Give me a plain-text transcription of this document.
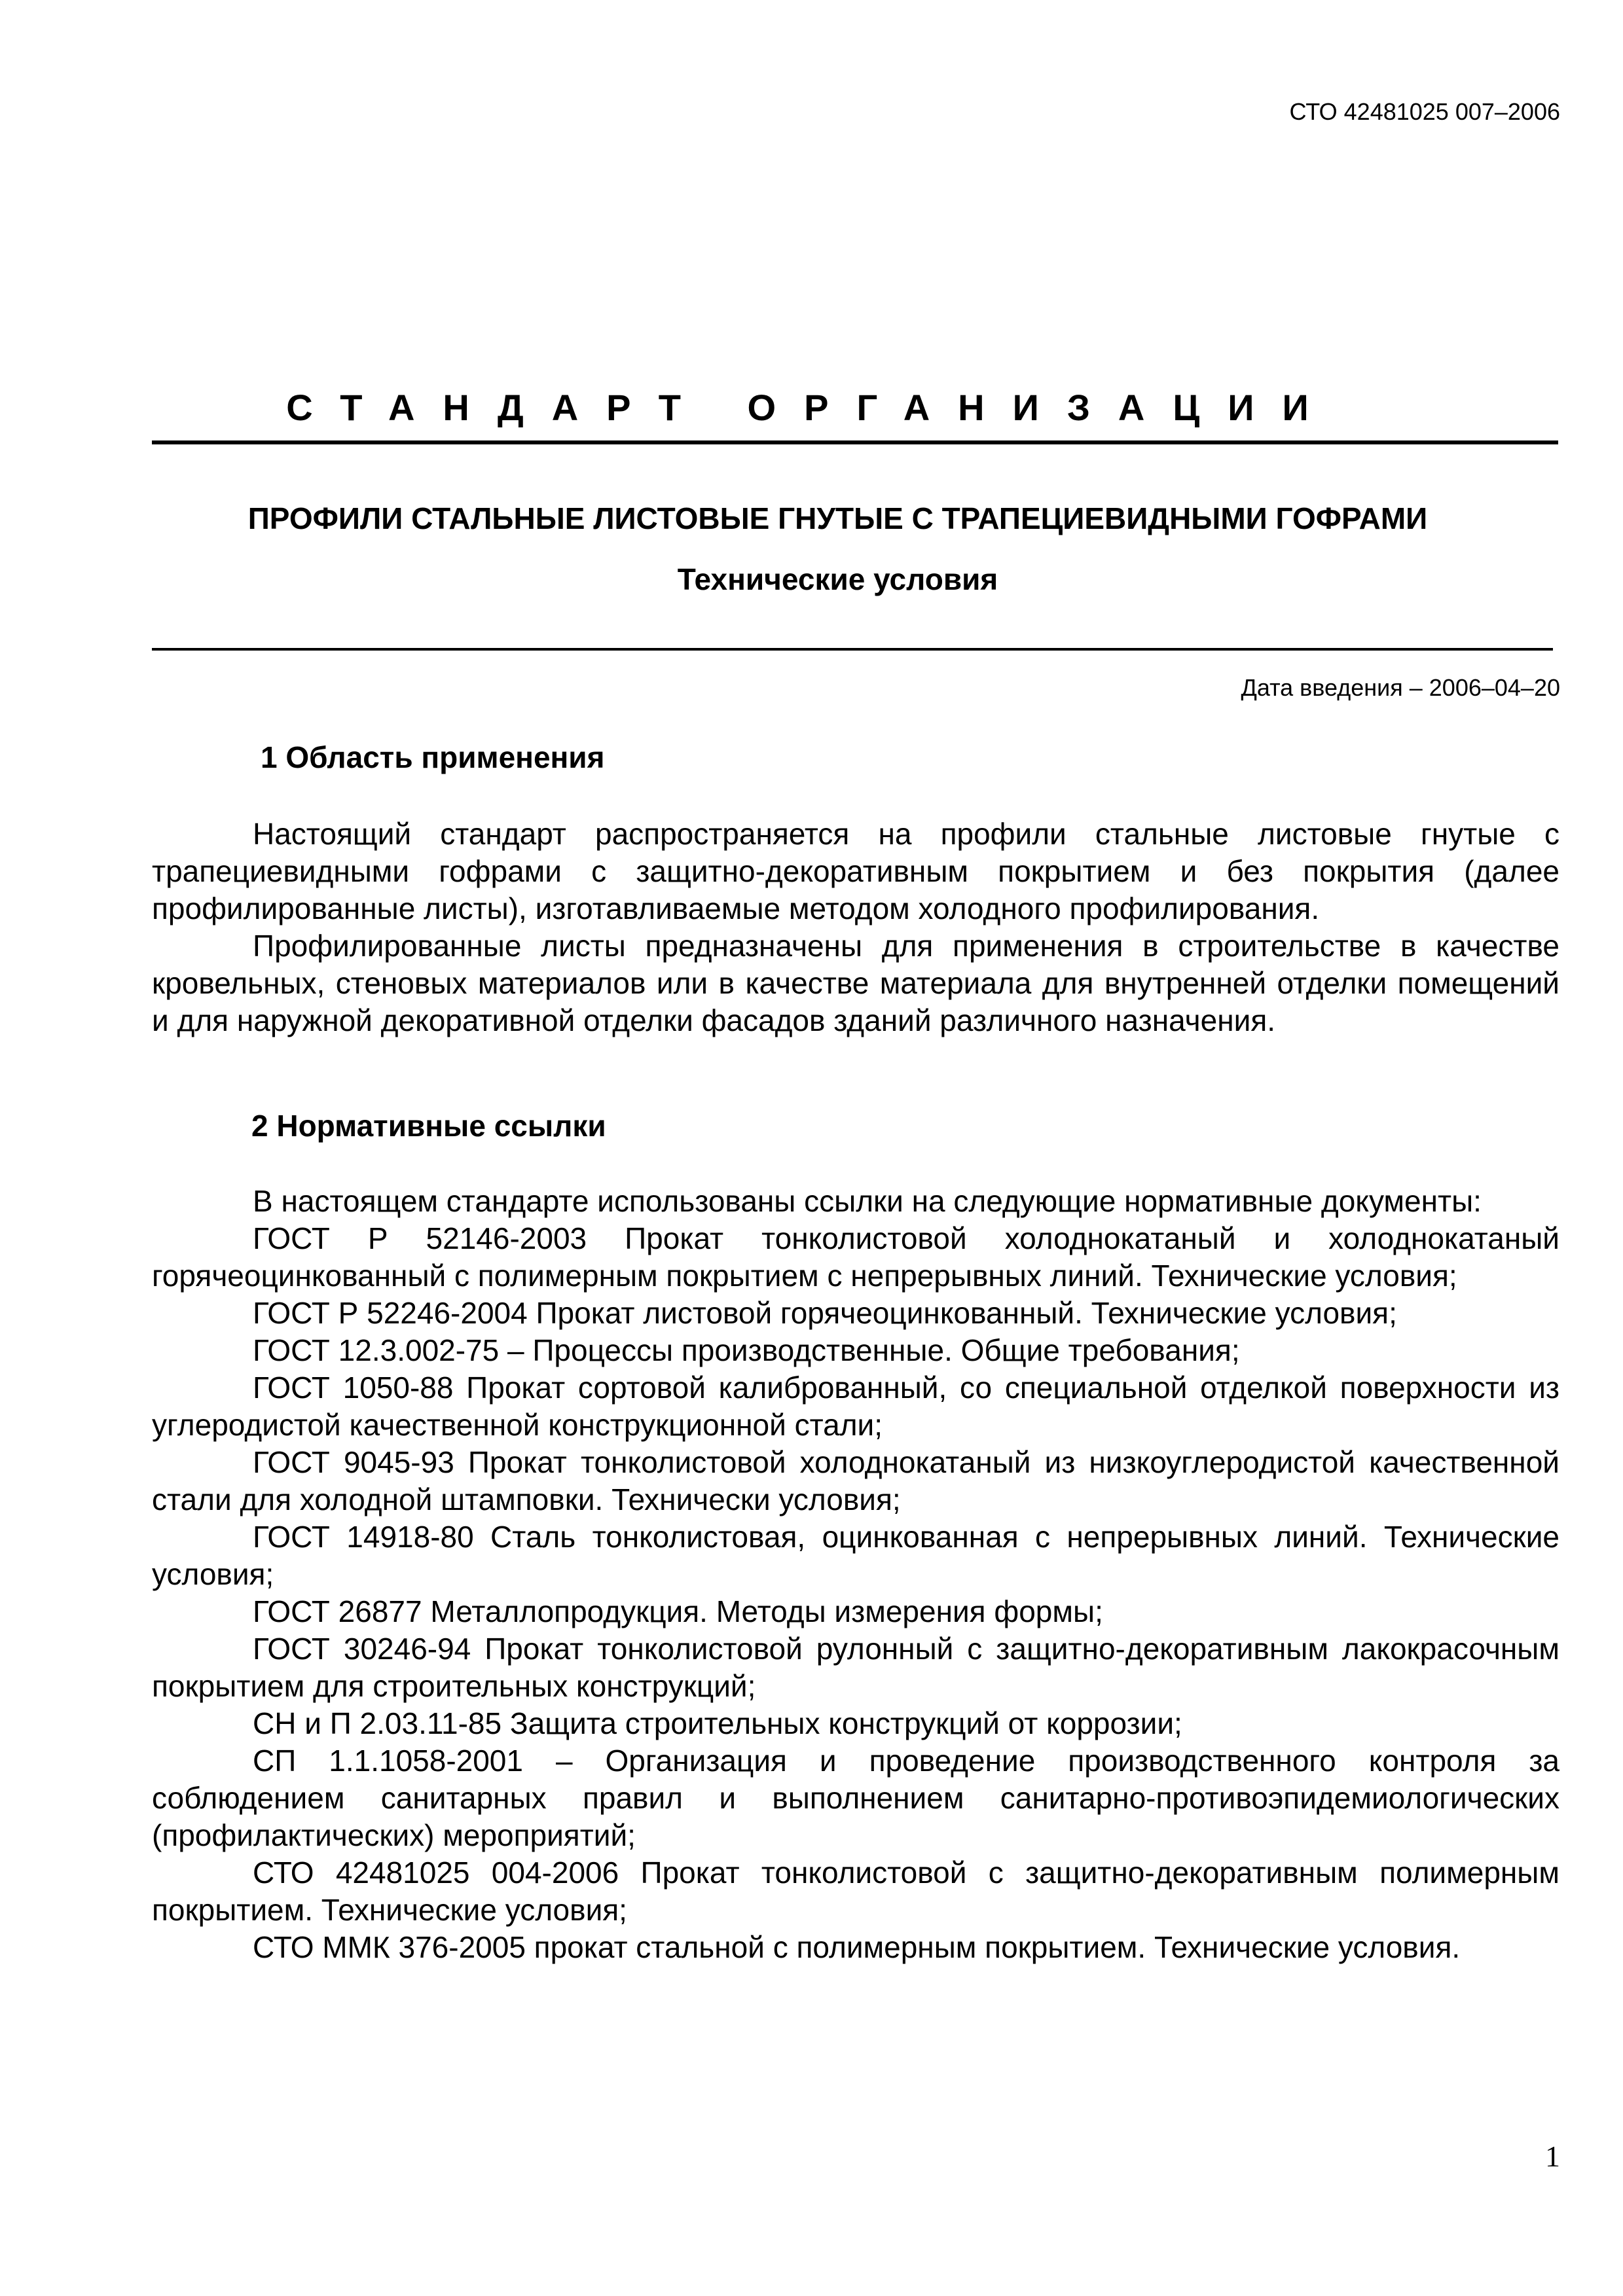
СТО 42481025 007–2006
СТАНДАРТ ОРГАНИЗАЦИИ
ПРОФИЛИ СТАЛЬНЫЕ ЛИСТОВЫЕ ГНУТЫЕ С ТРАПЕЦИЕВИДНЫМИ ГОФРАМИ
Технические условия
Дата введения – 2006–04–20
1 Область применения

Настоящий стандарт распространяется на профили стальные листовые гнутые с трапециевидными гофрами с защитно-декоративным покрытием и без покрытия (далее профилированные листы), изготавливаемые методом холодного профилирования.

Профилированные листы предназначены для применения в строительстве в качестве кровельных, стеновых материалов или в качестве материала для внутренней отделки помещений и для наружной декоративной отделки фасадов зданий различного назначения.

2 Нормативные ссылки

В настоящем стандарте использованы ссылки на следующие нормативные документы:

ГОСТ Р 52146-2003 Прокат тонколистовой холоднокатаный и холоднокатаный горячеоцинкованный с полимерным покрытием с непрерывных линий. Технические условия;

ГОСТ Р 52246-2004 Прокат листовой горячеоцинкованный. Технические условия;

ГОСТ 12.3.002-75 – Процессы производственные. Общие требования;

ГОСТ 1050-88 Прокат сортовой калиброванный, со специальной отделкой поверхности из углеродистой качественной конструкционной стали;

ГОСТ 9045-93 Прокат тонколистовой холоднокатаный из низкоуглеродистой качественной стали для холодной штамповки. Технически условия;

ГОСТ 14918-80 Сталь тонколистовая, оцинкованная с непрерывных линий. Технические условия;

ГОСТ 26877 Металлопродукция. Методы измерения формы;

ГОСТ 30246-94 Прокат тонколистовой рулонный с защитно-декоративным лакокрасочным покрытием для строительных конструкций;

СН и П 2.03.11-85 Защита строительных конструкций от коррозии;

СП 1.1.1058-2001 – Организация и проведение производственного контроля за соблюдением санитарных правил и выполнением санитарно-противоэпидемиологических (профилактических) мероприятий;

СТО 42481025 004-2006 Прокат тонколистовой с защитно-декоративным полимерным покрытием. Технические условия;

СТО ММК 376-2005 прокат стальной с полимерным покрытием. Технические условия.

1
